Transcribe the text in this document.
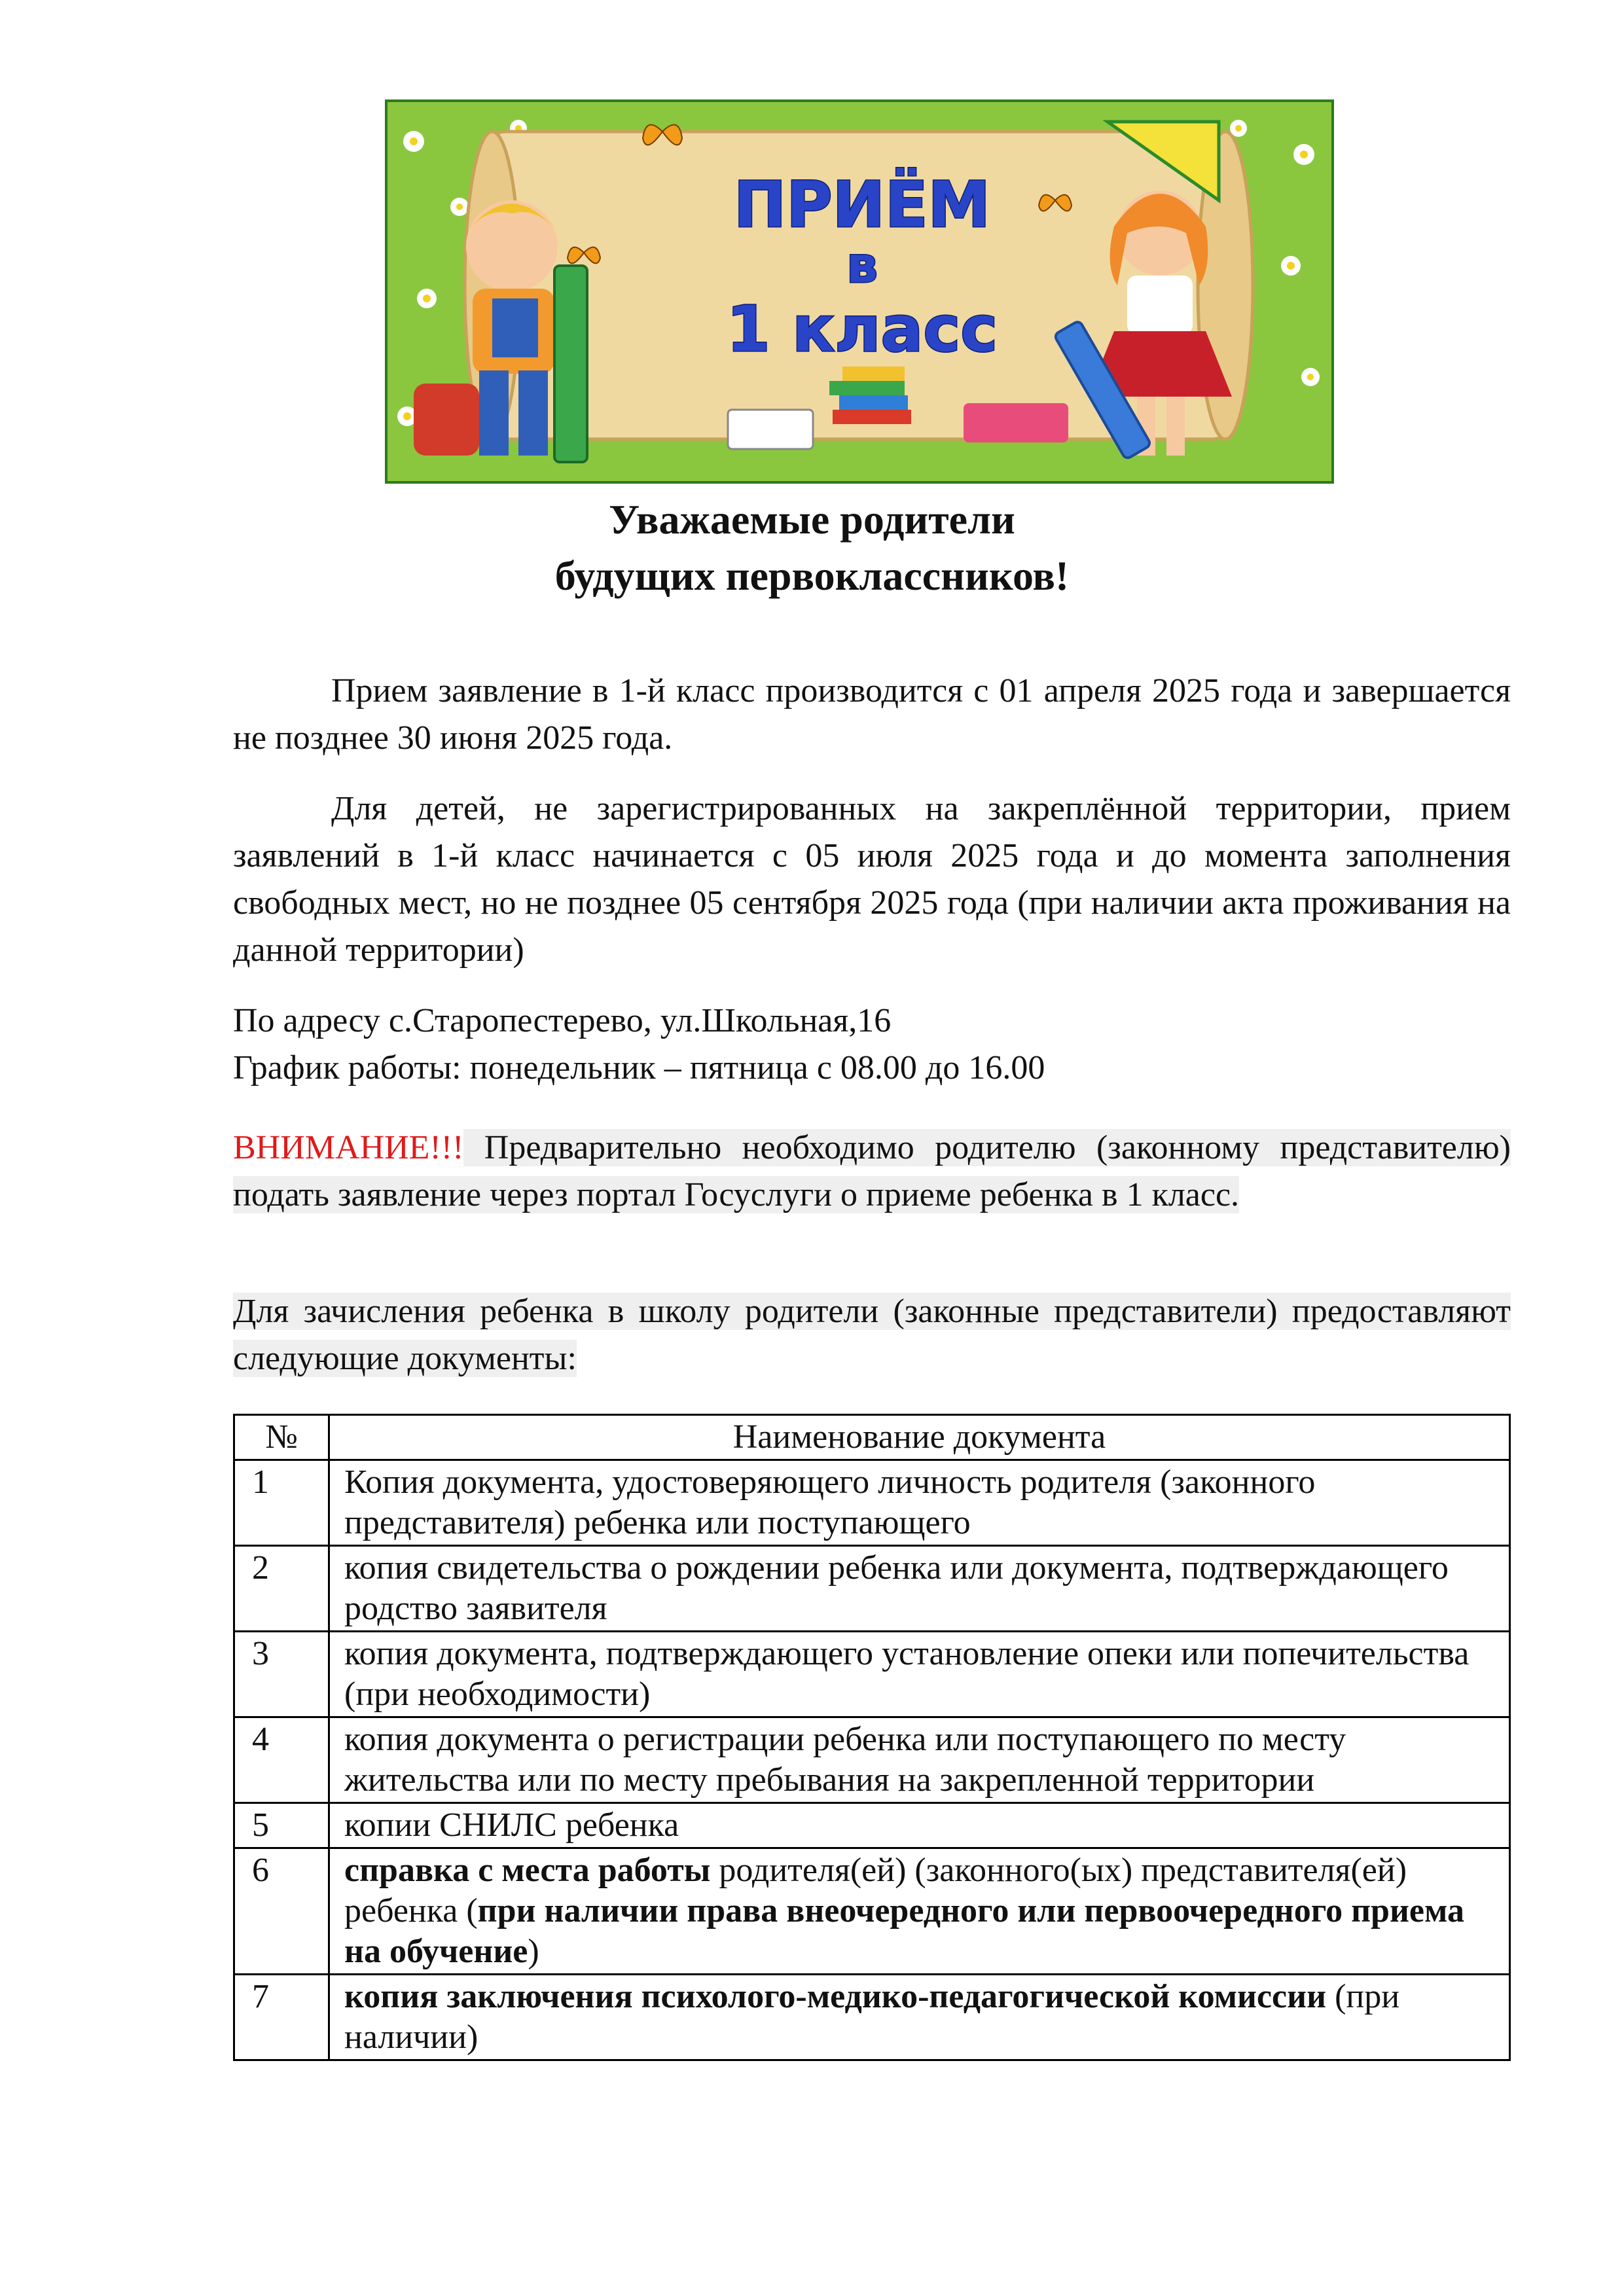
ПРИЁМ
в
1 класс
Уважаемые родители
будущих первоклассников!

Прием заявление в 1-й класс производится с 01 апреля 2025 года и завершается не позднее 30 июня 2025 года.

Для детей, не зарегистрированных на закреплённой территории, прием заявлений в 1-й класс начинается с 05 июля 2025 года и до момента заполнения свободных мест, но не позднее 05 сентября 2025 года (при наличии акта проживания на данной территории)

По адресу с.Старопестерево, ул.Школьная,16

График работы: понедельник – пятница с 08.00 до 16.00

ВНИМАНИЕ!!! Предварительно необходимо родителю (законному представителю) подать заявление через портал Госуслуги о приеме ребенка в 1 класс.

Для зачисления ребенка в школу родители (законные представители) предоставляют следующие документы:

№	Наименование документа
1	Копия документа, удостоверяющего личность родителя (законного представителя) ребенка или поступающего
2	копия свидетельства о рождении ребенка или документа, подтверждающего родство заявителя
3	копия документа, подтверждающего установление опеки или попечительства (при необходимости)
4	копия документа о регистрации ребенка или поступающего по месту жительства или по месту пребывания на закрепленной территории
5	копии СНИЛС ребенка
6	справка с места работы родителя(ей) (законного(ых) представителя(ей) ребенка (при наличии права внеочередного или первоочередного приема на обучение)
7	копия заключения психолого-медико-педагогической комиссии (при наличии)
